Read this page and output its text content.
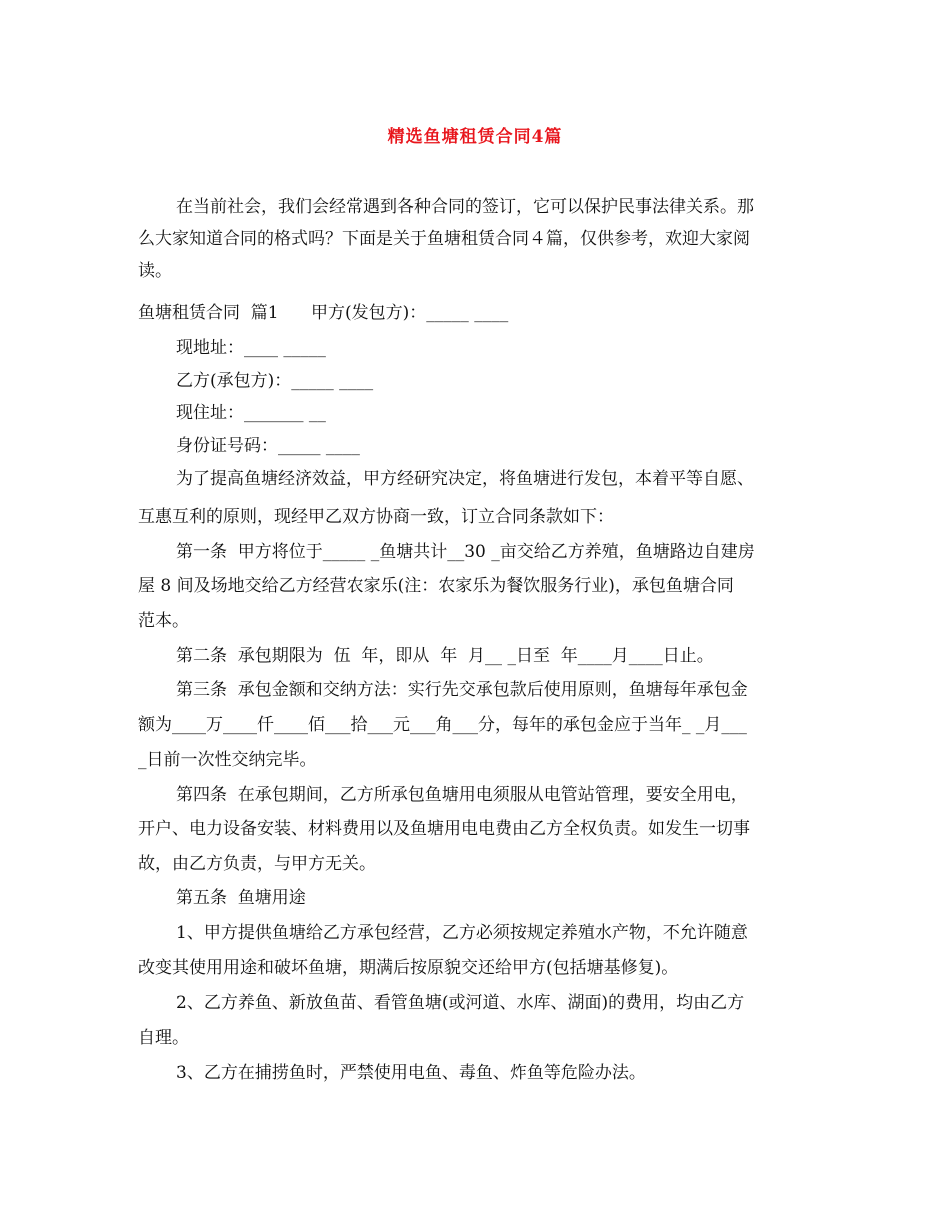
精选鱼塘租赁合同4篇
在当前社会，我们会经常遇到各种合同的签订，它可以保护民事法律关系。那
么大家知道合同的格式吗？下面是关于鱼塘租赁合同４篇，仅供参考，欢迎大家阅
读。
鱼塘租赁合同  篇1      甲方(发包方)：_____ ____
现地址：____ _____
乙方(承包方)：_____ ____
现住址：_______ __
身份证号码：_____ ____
为了提高鱼塘经济效益，甲方经研究决定，将鱼塘进行发包，本着平等自愿、
互惠互利的原则，现经甲乙双方协商一致，订立合同条款如下：
第一条  甲方将位于_____ _鱼塘共计__30 _亩交给乙方养殖，鱼塘路边自建房
屋 8 间及场地交给乙方经营农家乐(注：农家乐为餐饮服务行业)，承包鱼塘合同
范本。
第二条  承包期限为  伍  年，即从  年  月__ _日至  年____月____日止。
第三条  承包金额和交纳方法：实行先交承包款后使用原则，鱼塘每年承包金
额为____万____仟____佰___拾___元___角___分，每年的承包金应于当年_ _月___
_日前一次性交纳完毕。
第四条  在承包期间，乙方所承包鱼塘用电须服从电管站管理，要安全用电，
开户、电力设备安装、材料费用以及鱼塘用电电费由乙方全权负责。如发生一切事
故，由乙方负责，与甲方无关。
第五条  鱼塘用途
1、甲方提供鱼塘给乙方承包经营，乙方必须按规定养殖水产物，不允许随意
改变其使用用途和破坏鱼塘，期满后按原貌交还给甲方(包括塘基修复)。
2、乙方养鱼、新放鱼苗、看管鱼塘(或河道、水库、湖面)的费用，均由乙方
自理。
3、乙方在捕捞鱼时，严禁使用电鱼、毒鱼、炸鱼等危险办法。
